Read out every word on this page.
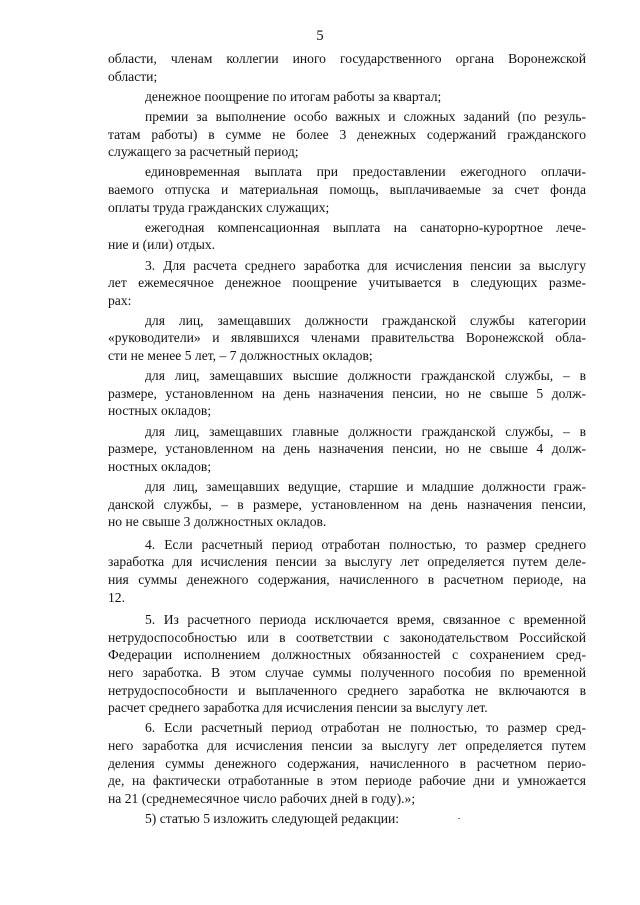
5
области, членам коллегии иного государственного органа Воронежской
области;
денежное поощрение по итогам работы за квартал;
премии за выполнение особо важных и сложных заданий (по резуль-
татам работы) в сумме не более 3 денежных содержаний гражданского
служащего за расчетный период;
единовременная выплата при предоставлении ежегодного оплачи-
ваемого отпуска и материальная помощь, выплачиваемые за счет фонда
оплаты труда гражданских служащих;
ежегодная компенсационная выплата на санаторно-курортное лече-
ние и (или) отдых.
3. Для расчета среднего заработка для исчисления пенсии за выслугу
лет ежемесячное денежное поощрение учитывается в следующих разме-
рах:
для лиц, замещавших должности гражданской службы категории
«руководители» и являвшихся членами правительства Воронежской обла-
сти не менее 5 лет, – 7 должностных окладов;
для лиц, замещавших высшие должности гражданской службы, – в
размере, установленном на день назначения пенсии, но не свыше 5 долж-
ностных окладов;
для лиц, замещавших главные должности гражданской службы, – в
размере, установленном на день назначения пенсии, но не свыше 4 долж-
ностных окладов;
для лиц, замещавших ведущие, старшие и младшие должности граж-
данской службы, – в размере, установленном на день назначения пенсии,
но не свыше 3 должностных окладов.
4. Если расчетный период отработан полностью, то размер среднего
заработка для исчисления пенсии за выслугу лет определяется путем деле-
ния суммы денежного содержания, начисленного в расчетном периоде, на
12.
5. Из расчетного периода исключается время, связанное с временной
нетрудоспособностью или в соответствии с законодательством Российской
Федерации исполнением должностных обязанностей с сохранением сред-
него заработка. В этом случае суммы полученного пособия по временной
нетрудоспособности и выплаченного среднего заработка не включаются в
расчет среднего заработка для исчисления пенсии за выслугу лет.
6. Если расчетный период отработан не полностью, то размер сред-
него заработка для исчисления пенсии за выслугу лет определяется путем
деления суммы денежного содержания, начисленного в расчетном перио-
де, на фактически отработанные в этом периоде рабочие дни и умножается
на 21 (среднемесячное число рабочих дней в году).»;
5) статью 5 изложить следующей редакции:
